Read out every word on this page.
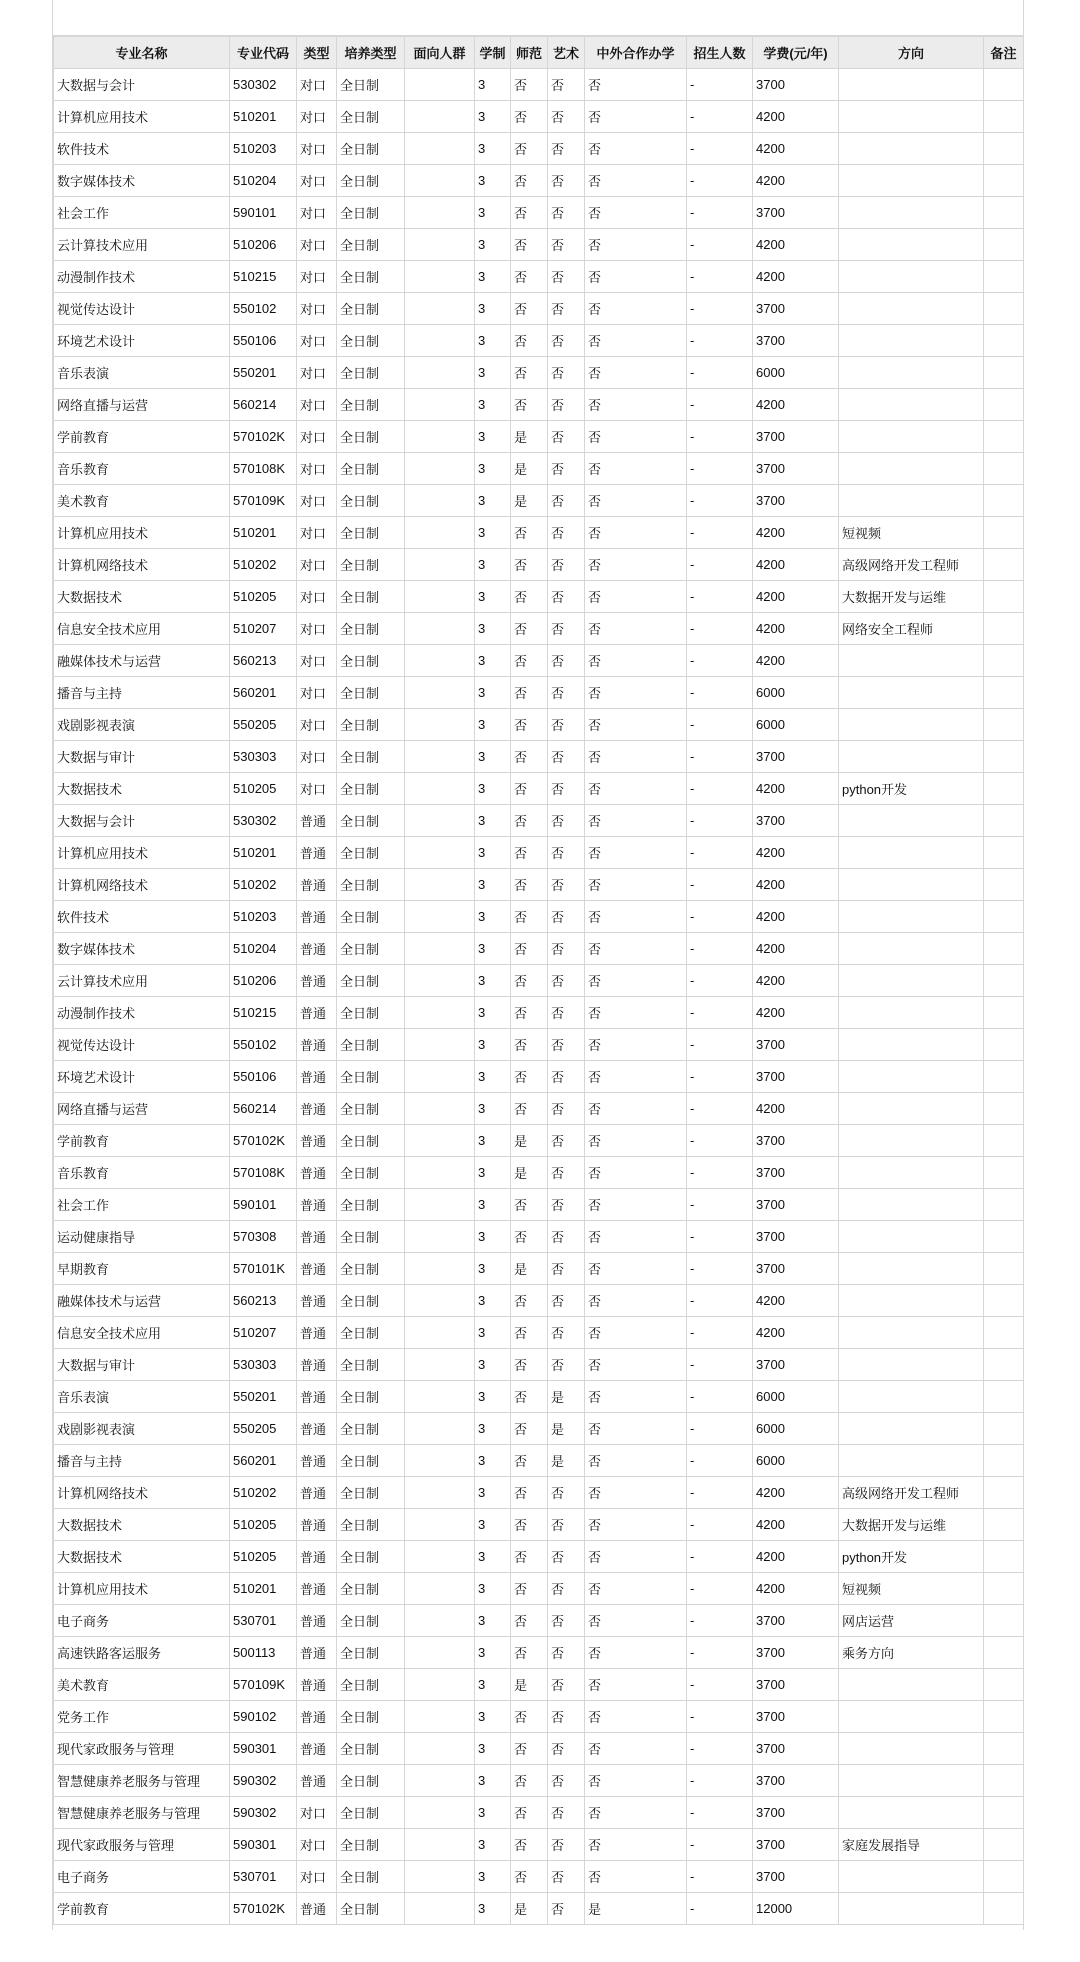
专业名称	专业代码	类型	培养类型	面向人群	学制	师范	艺术	中外合作办学	招生人数	学费(元/年)	方向	备注
大数据与会计	530302	对口	全日制		3	否	否	否	-	3700		
计算机应用技术	510201	对口	全日制		3	否	否	否	-	4200		
软件技术	510203	对口	全日制		3	否	否	否	-	4200		
数字媒体技术	510204	对口	全日制		3	否	否	否	-	4200		
社会工作	590101	对口	全日制		3	否	否	否	-	3700		
云计算技术应用	510206	对口	全日制		3	否	否	否	-	4200		
动漫制作技术	510215	对口	全日制		3	否	否	否	-	4200		
视觉传达设计	550102	对口	全日制		3	否	否	否	-	3700		
环境艺术设计	550106	对口	全日制		3	否	否	否	-	3700		
音乐表演	550201	对口	全日制		3	否	否	否	-	6000		
网络直播与运营	560214	对口	全日制		3	否	否	否	-	4200		
学前教育	570102K	对口	全日制		3	是	否	否	-	3700		
音乐教育	570108K	对口	全日制		3	是	否	否	-	3700		
美术教育	570109K	对口	全日制		3	是	否	否	-	3700		
计算机应用技术	510201	对口	全日制		3	否	否	否	-	4200	短视频	
计算机网络技术	510202	对口	全日制		3	否	否	否	-	4200	高级网络开发工程师	
大数据技术	510205	对口	全日制		3	否	否	否	-	4200	大数据开发与运维	
信息安全技术应用	510207	对口	全日制		3	否	否	否	-	4200	网络安全工程师	
融媒体技术与运营	560213	对口	全日制		3	否	否	否	-	4200		
播音与主持	560201	对口	全日制		3	否	否	否	-	6000		
戏剧影视表演	550205	对口	全日制		3	否	否	否	-	6000		
大数据与审计	530303	对口	全日制		3	否	否	否	-	3700		
大数据技术	510205	对口	全日制		3	否	否	否	-	4200	python开发	
大数据与会计	530302	普通	全日制		3	否	否	否	-	3700		
计算机应用技术	510201	普通	全日制		3	否	否	否	-	4200		
计算机网络技术	510202	普通	全日制		3	否	否	否	-	4200		
软件技术	510203	普通	全日制		3	否	否	否	-	4200		
数字媒体技术	510204	普通	全日制		3	否	否	否	-	4200		
云计算技术应用	510206	普通	全日制		3	否	否	否	-	4200		
动漫制作技术	510215	普通	全日制		3	否	否	否	-	4200		
视觉传达设计	550102	普通	全日制		3	否	否	否	-	3700		
环境艺术设计	550106	普通	全日制		3	否	否	否	-	3700		
网络直播与运营	560214	普通	全日制		3	否	否	否	-	4200		
学前教育	570102K	普通	全日制		3	是	否	否	-	3700		
音乐教育	570108K	普通	全日制		3	是	否	否	-	3700		
社会工作	590101	普通	全日制		3	否	否	否	-	3700		
运动健康指导	570308	普通	全日制		3	否	否	否	-	3700		
早期教育	570101K	普通	全日制		3	是	否	否	-	3700		
融媒体技术与运营	560213	普通	全日制		3	否	否	否	-	4200		
信息安全技术应用	510207	普通	全日制		3	否	否	否	-	4200		
大数据与审计	530303	普通	全日制		3	否	否	否	-	3700		
音乐表演	550201	普通	全日制		3	否	是	否	-	6000		
戏剧影视表演	550205	普通	全日制		3	否	是	否	-	6000		
播音与主持	560201	普通	全日制		3	否	是	否	-	6000		
计算机网络技术	510202	普通	全日制		3	否	否	否	-	4200	高级网络开发工程师	
大数据技术	510205	普通	全日制		3	否	否	否	-	4200	大数据开发与运维	
大数据技术	510205	普通	全日制		3	否	否	否	-	4200	python开发	
计算机应用技术	510201	普通	全日制		3	否	否	否	-	4200	短视频	
电子商务	530701	普通	全日制		3	否	否	否	-	3700	网店运营	
高速铁路客运服务	500113	普通	全日制		3	否	否	否	-	3700	乘务方向	
美术教育	570109K	普通	全日制		3	是	否	否	-	3700		
党务工作	590102	普通	全日制		3	否	否	否	-	3700		
现代家政服务与管理	590301	普通	全日制		3	否	否	否	-	3700		
智慧健康养老服务与管理	590302	普通	全日制		3	否	否	否	-	3700		
智慧健康养老服务与管理	590302	对口	全日制		3	否	否	否	-	3700		
现代家政服务与管理	590301	对口	全日制		3	否	否	否	-	3700	家庭发展指导	
电子商务	530701	对口	全日制		3	否	否	否	-	3700		
学前教育	570102K	普通	全日制		3	是	否	是	-	12000		
